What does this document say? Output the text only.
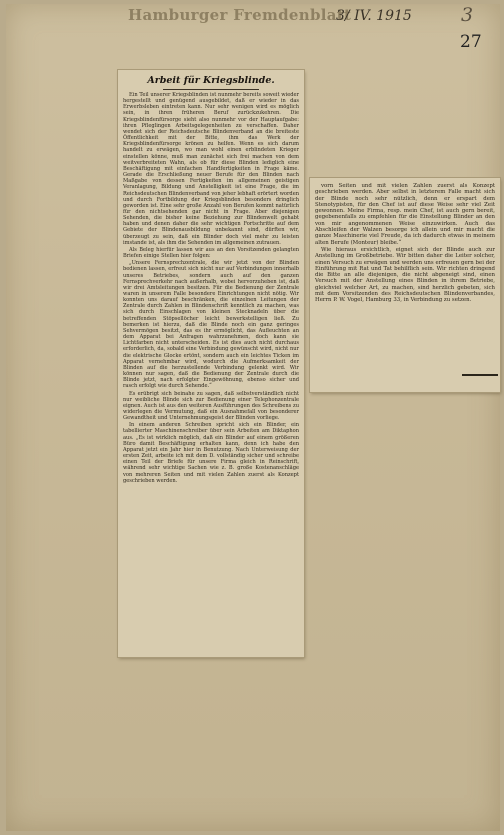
Hamburger Fremdenblatt
3/ IV. 1915	3
27
Arbeit für Kriegsblinde.

Ein Teil unserer Kriegsblinden ist nunmehr bereits soweit wieder hergestellt und genügend ausgebildet, daß er wieder in das Erwerbsleben eintreten kann. Nur sehr wenigen wird es möglich sein, in ihren früheren Beruf zurückzukehren. Die Kriegsblindenfürsorge sieht also nunmehr vor der Hauptaufgabe: ihren Pfleglingen Arbeitsgelegenheiten zu verschaffen. Daher wendet sich der Reichsdeutsche Blindenverband an die breiteste Öffentlichkeit mit der Bitte, ihm das Werk der Kriegsblindenfürsorge krönen zu helfen. Wenn es sich darum handelt zu erwägen, wo man wohl einen erblindeten Krieger einstellen könne, muß man zunächst sich frei machen von dem weitverbreiteten Wahn, als ob für diese Blinden lediglich eine Beschäftigung mit einfachen Handfertigkeiten in Frage käme. Gerade die Erschließung neuer Berufe für den Blinden nach Maßgabe von dessen Fertigkeiten im allgemeinen geistigen Veranlagung, Bildung und Anstelligkeit ist eine Frage, die im Reichsdeutschen Blindenverband von jeher lebhaft erörtert worden und durch Fortbildung der Kriegsblinden besonders dringlich geworden ist. Eine sehr große Anzahl von Berufen kommt natürlich für den nichtsehenden gar nicht in Frage. Aber diejenigen Sehenden, die bisher keine Beziehung zur Blindenwelt gehabt haben und denen daher die sehr wichtigen Fortschritte auf dem Gebiete der Blindenausbildung unbekannt sind, dürften wir, überzeugt zu sein, daß ein Blinder doch viel mehr zu leisten imstande ist, als ihm die Sehenden im allgemeinen zutrauen.

Als Beleg hierfür lassen wir aus an den Vorsitzenden gelangten Briefen einige Stellen hier folgen:

„Unsere Fernsprechzentrale, die wir jetzt von der Blinden bedienen lassen, erfreut sich nicht nur auf Verbindungen innerhalb unseres Betriebes, sondern auch auf den ganzen Fernsprechverkehr nach außerhalb, wobei hervorzuheben ist, daß wir drei Amtsleitungen besitzen. Für die Bedienung der Zentrale waren in unserem Falle besondere Einrichtungen nicht nötig. Wir konnten uns darauf beschränken, die einzelnen Leitungen der Zentrale durch Zahlen in Blindenschrift kenntlich zu machen, was sich durch Einschlagen von kleinen Stecknadeln über die betreffenden Stöpsellöcher leicht bewerkstelligen ließ. Zu bemerken ist hierzu, daß die Blinde noch ein ganz geringes Sehvermögen besitzt, das es ihr ermöglicht, das Aufleuchten an dem Apparat bei Anfragen wahrzunehmen, doch kann sie Lichtfarben nicht unterscheiden. Es ist dies auch nicht durchaus erforderlich, da, sobald eine Verbindung gewünscht wird, nicht nur die elektrische Glocke ertönt, sondern auch ein leichtes Ticken im Apparat vernehmbar wird, wodurch die Aufmerksamkeit der Blinden auf die herzustellende Verbindung gelenkt wird. Wir können nur sagen, daß die Bedienung der Zentrale durch die Blinde jetzt, nach erfolgter Eingewöhnung, ebenso sicher und rasch erfolgt wie durch Sehende.“

Es erübrigt sich beinahe zu sagen, daß selbstverständlich nicht nur weibliche Blinde sich zur Bedienung einer Telephonzentrale eignen. Auch ist aus den weiteren Ausführungen des Schreibens zu widerlegen die Vermutung, daß ein Ausnahmefall von besonderer Gewandtheit und Unternehmungsgeist der Blinden vorliege.

In einem anderen Schreiben spricht sich ein Blinder, ein tabellierter Maschinenschreiber über sein Arbeiten am Diktaphon aus. „Es ist wirklich möglich, daß ein Blinder auf einem größeren Büro damit Beschäftigung erhalten kann, denn ich habe den Apparat jetzt ein Jahr hier in Benutzung. Nach Unterweisung der ersten Zeit, arbeite ich mit dem D. vollständig sicher und schreibe einen Teil der Briefe für unsere Firma gleich in Reinschrift, während sehr wichtige Sachen wie z. B. große Kostenanschläge von mehreren Seiten und mit vielen Zahlen zuerst als Konzept geschrieben werden.

vorn Seiten und mit vielen Zahlen zuerst als Konzept geschrieben werden. Aber selbst in letzterem Falle macht sich der Blinde noch sehr nützlich, denn er erspart dem Stenotypisten, für den Chef ist auf diese Weise sehr viel Zeit gewonnen. Meine Firma, resp. mein Chef, ist auch gern bereit, gegebenenfalls zu empfehlen für die Einstellung Blinder an den von mir angenommenen Weise einzuwirken. Auch das Abschleifen der Walzen besorge ich allein und mir macht die ganze Maschinerie viel Freude, da ich dadurch etwas in meinem alten Berufe (Monteur) bleibe.“

Wie hieraus ersichtlich, eignet sich der Blinde auch zur Anstellung im Großbetriebe. Wir bitten daher die Leiter solcher, einen Versuch zu erwägen und werden uns erfreuen gern bei der Einführung mit Rat und Tat behilflich sein. Wir richten dringend die Bitte an alle diejenigen, die nicht abgeneigt sind, einen Versuch mit der Anstellung eines Blinden in ihrem Betriebe, gleichviel welcher Art, zu machen, sind herzlich gebeten, sich mit dem Vorsitzenden des Reichsdeutschen Blindenverbandes, Herrn P. W. Vogel, Hamburg 33, in Verbindung zu setzen.
